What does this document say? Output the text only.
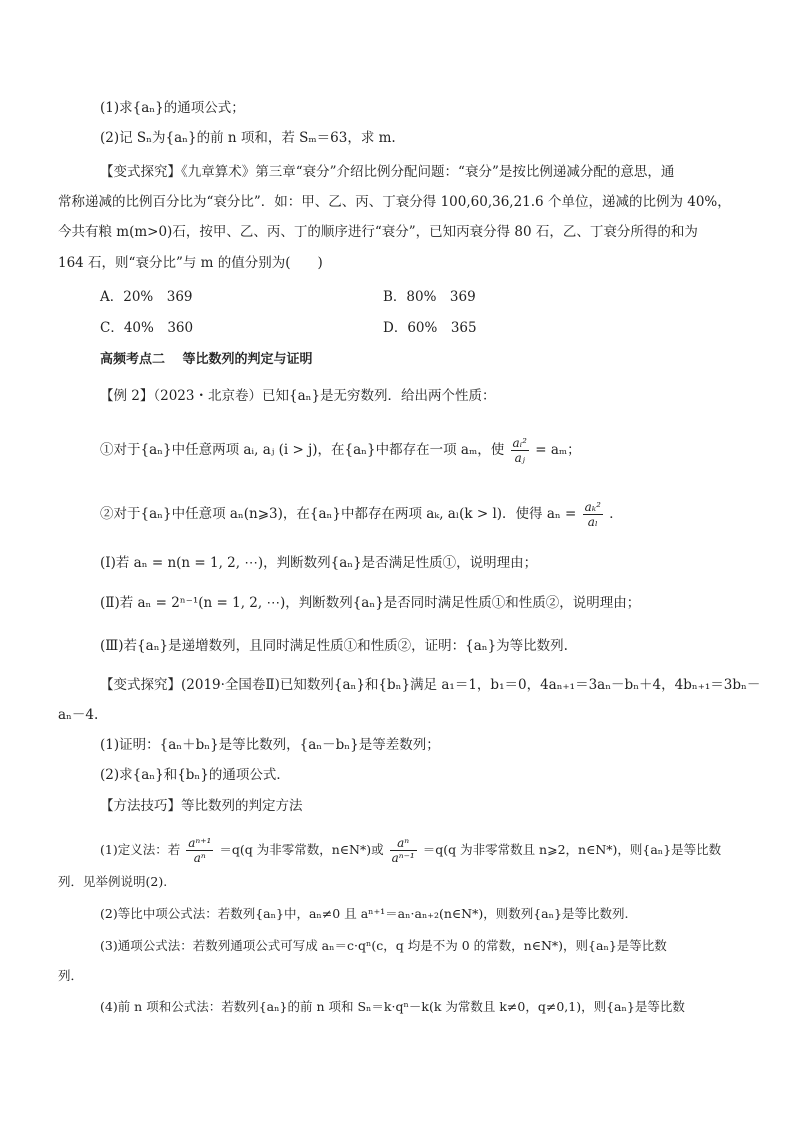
(1)求{aₙ}的通项公式；
(2)记 Sₙ为{aₙ}的前 n 项和，若 Sₘ＝63，求 m.
【变式探究】《九章算术》第三章“衰分”介绍比例分配问题：“衰分”是按比例递减分配的意思，通
常称递减的比例百分比为“衰分比”．如：甲、乙、丙、丁衰分得 100,60,36,21.6 个单位，递减的比例为 40%，
今共有粮 m(m>0)石，按甲、乙、丙、丁的顺序进行“衰分”，已知丙衰分得 80 石，乙、丁衰分所得的和为
164 石，则“衰分比”与 m 的值分别为(　　)
A．20%　369	B．80%　369
C．40%　360	D．60%　365
高频考点二　 等比数列的判定与证明
【例 2】（2023・北京卷）已知{aₙ}是无穷数列．给出两个性质：
①对于{aₙ}中任意两项 aᵢ, aⱼ (i > j)，在{aₙ}中都存在一项 aₘ，使 $\frac{\text{aᵢ²}}{\text{aⱼ}} = a_m$；
②对于{aₙ}中任意项 aₙ(n⩾3)，在{aₙ}中都存在两项 aₖ, aₗ(k > l)．使得 $a_n = \frac{\text{aₖ²}}{\text{aₗ}}$ ．
(Ⅰ)若 aₙ = n(n = 1, 2, ⋯)，判断数列{aₙ}是否满足性质①，说明理由；
(Ⅱ)若 aₙ = 2ⁿ⁻¹(n = 1, 2, ⋯)，判断数列{aₙ}是否同时满足性质①和性质②，说明理由；
(Ⅲ)若{aₙ}是递增数列，且同时满足性质①和性质②，证明：{aₙ}为等比数列.
【变式探究】(2019·全国卷Ⅱ)已知数列{aₙ}和{bₙ}满足 a₁＝1，b₁＝0，4aₙ₊₁＝3aₙ－bₙ＋4，4bₙ₊₁＝3bₙ－
aₙ－4.
(1)证明：{aₙ＋bₙ}是等比数列，{aₙ－bₙ}是等差数列；
(2)求{aₙ}和{bₙ}的通项公式．
【方法技巧】等比数列的判定方法
(1)定义法：若 $\frac{\text{aⁿ⁺¹}}{\text{aⁿ}} =q(q$ 为非零常数，n∈N*)或 $\frac{\text{aⁿ}}{\text{aⁿ⁻¹}} =q(q$ 为非零常数且 n⩾2，n∈N*)，则{aₙ}是等比数
列．见举例说明(2).
(2)等比中项公式法：若数列{aₙ}中，aₙ≠0 且 aⁿ⁺¹＝aₙ·aₙ₊₂(n∈N*)，则数列{aₙ}是等比数列.
(3)通项公式法：若数列通项公式可写成 aₙ＝c·qⁿ(c，q 均是不为 0 的常数，n∈N*)，则{aₙ}是等比数
列．
(4)前 n 项和公式法：若数列{aₙ}的前 n 项和 Sₙ＝k·qⁿ－k(k 为常数且 k≠0，q≠0,1)，则{aₙ}是等比数
